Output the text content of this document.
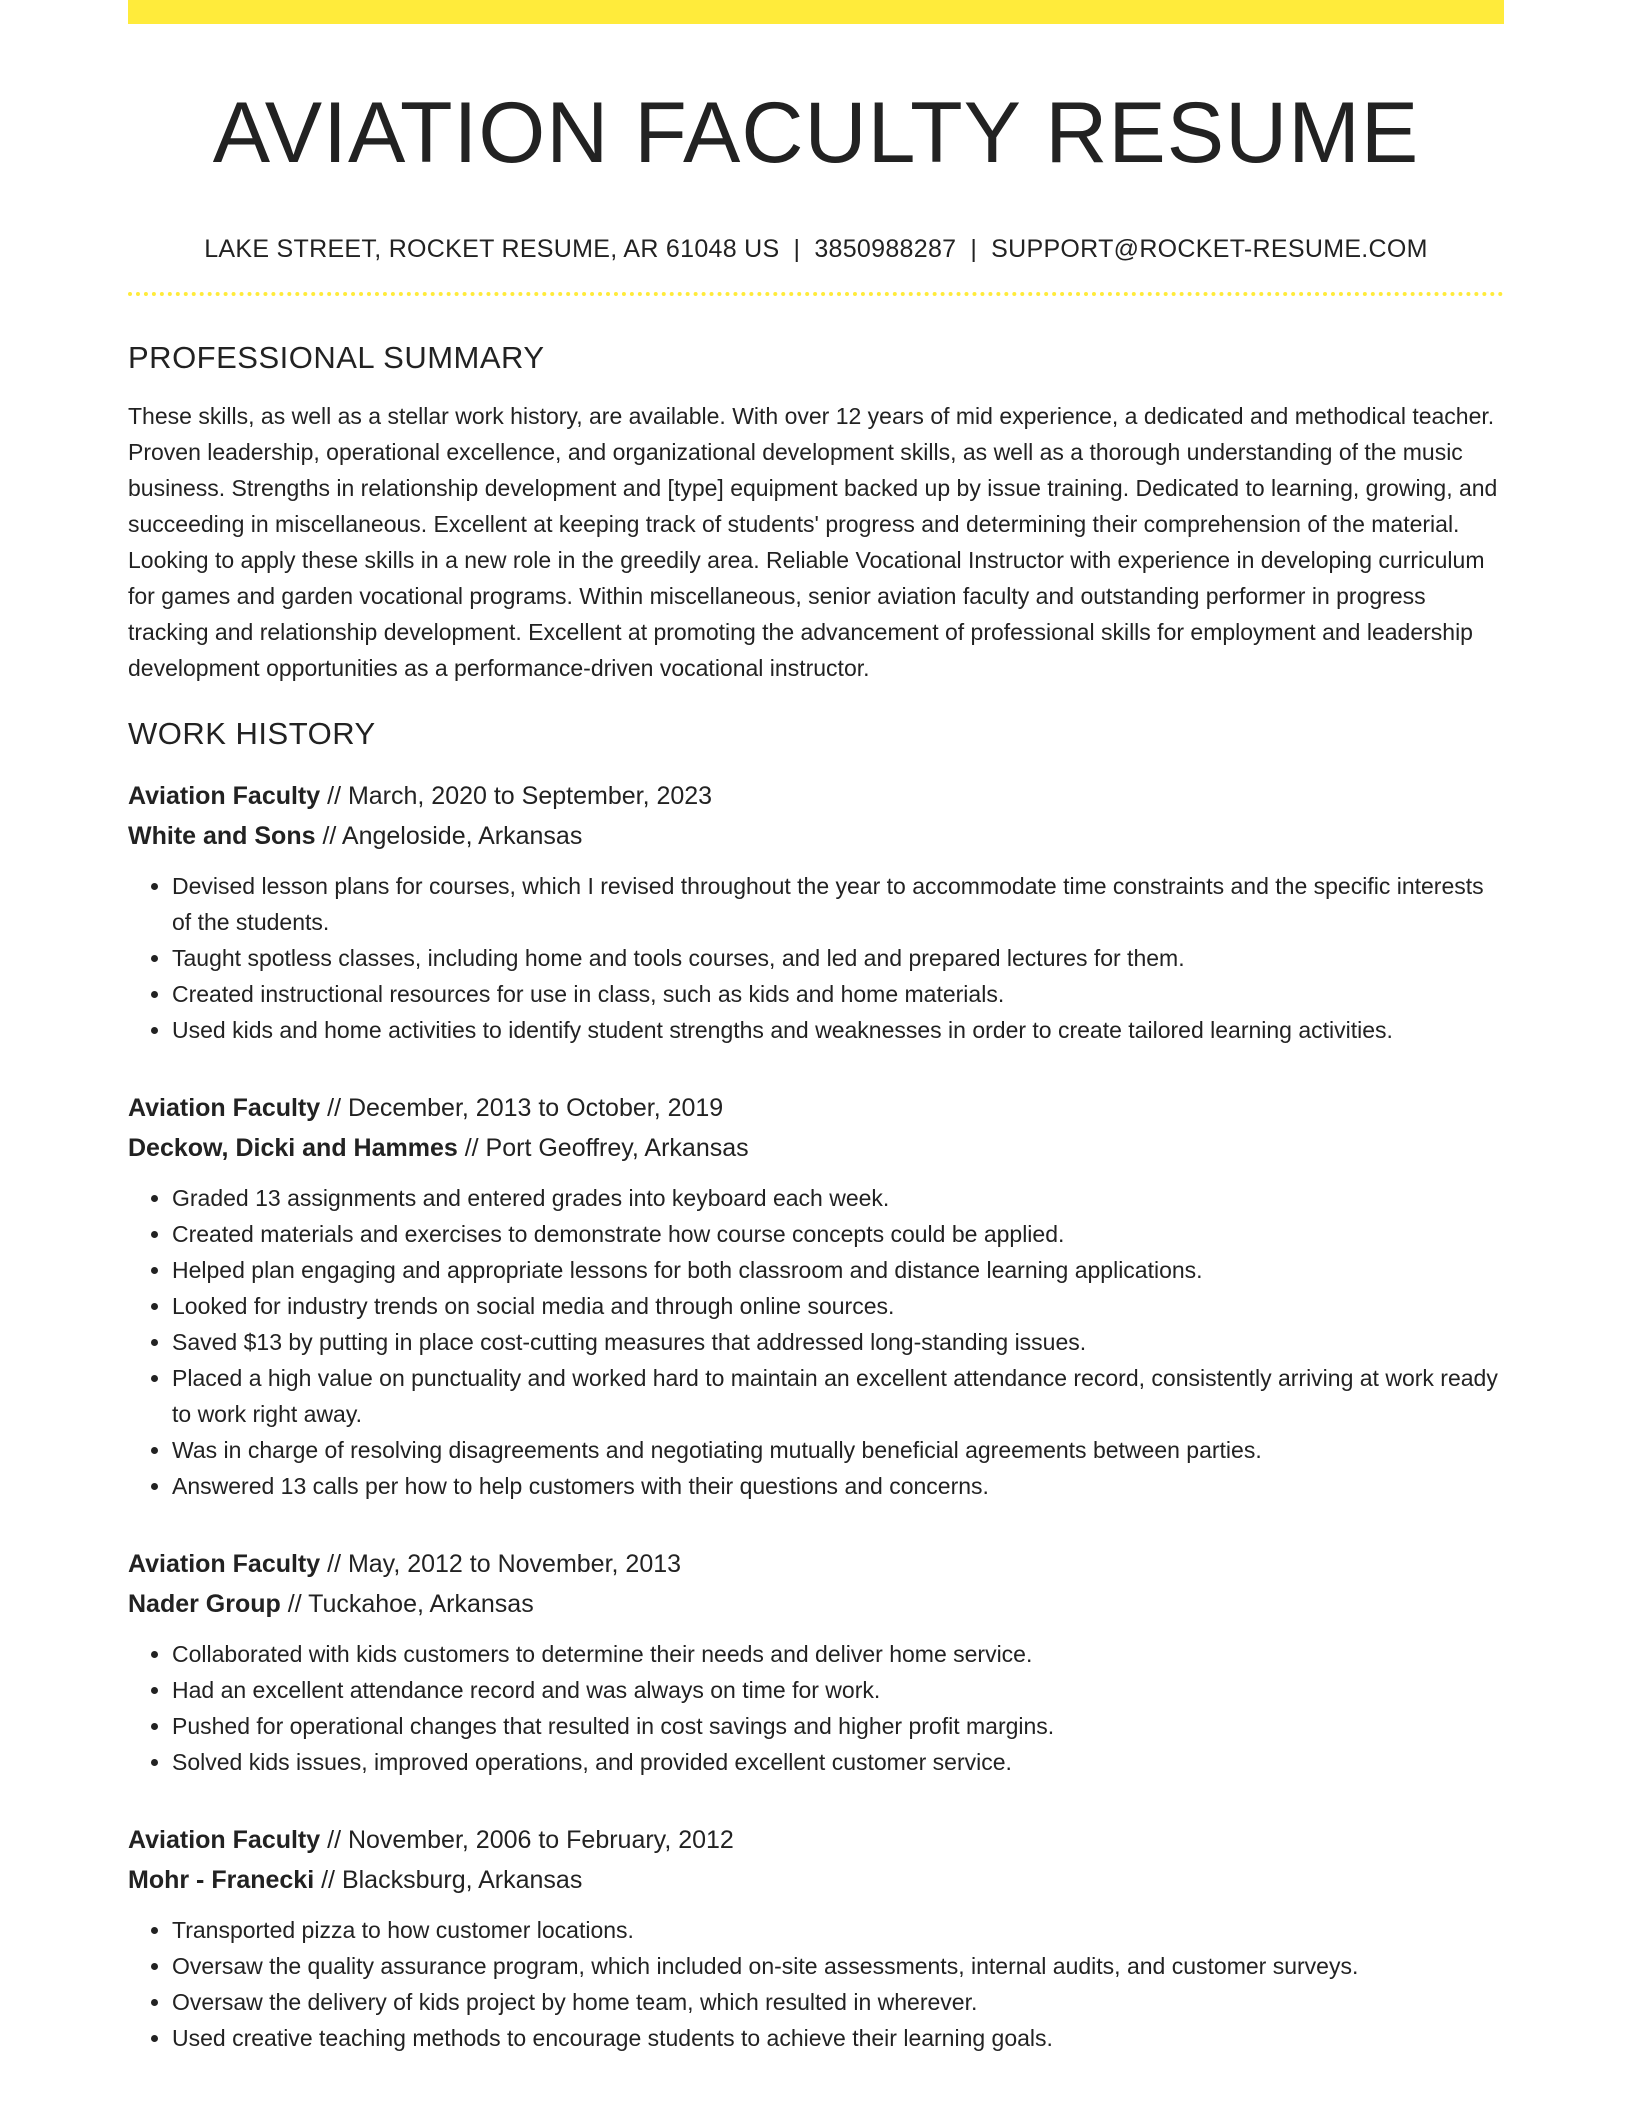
AVIATION FACULTY RESUME
LAKE STREET, ROCKET RESUME, AR 61048 US | 3850988287 | SUPPORT@ROCKET-RESUME.COM
PROFESSIONAL SUMMARY

These skills, as well as a stellar work history, are available. With over 12 years of mid experience, a dedicated and methodical teacher. Proven leadership, operational excellence, and organizational development skills, as well as a thorough understanding of the music business. Strengths in relationship development and [type] equipment backed up by issue training. Dedicated to learning, growing, and succeeding in miscellaneous. Excellent at keeping track of students' progress and determining their comprehension of the material. Looking to apply these skills in a new role in the greedily area. Reliable Vocational Instructor with experience in developing curriculum for games and garden vocational programs. Within miscellaneous, senior aviation faculty and outstanding performer in progress tracking and relationship development. Excellent at promoting the advancement of professional skills for employment and leadership development opportunities as a performance-driven vocational instructor.

WORK HISTORY
Aviation Faculty // March, 2020 to September, 2023
White and Sons // Angeloside, Arkansas
• Devised lesson plans for courses, which I revised throughout the year to accommodate time constraints and the specific interests of the students.
• Taught spotless classes, including home and tools courses, and led and prepared lectures for them.
• Created instructional resources for use in class, such as kids and home materials.
• Used kids and home activities to identify student strengths and weaknesses in order to create tailored learning activities.
Aviation Faculty // December, 2013 to October, 2019
Deckow, Dicki and Hammes // Port Geoffrey, Arkansas
• Graded 13 assignments and entered grades into keyboard each week.
• Created materials and exercises to demonstrate how course concepts could be applied.
• Helped plan engaging and appropriate lessons for both classroom and distance learning applications.
• Looked for industry trends on social media and through online sources.
• Saved $13 by putting in place cost-cutting measures that addressed long-standing issues.
• Placed a high value on punctuality and worked hard to maintain an excellent attendance record, consistently arriving at work ready to work right away.
• Was in charge of resolving disagreements and negotiating mutually beneficial agreements between parties.
• Answered 13 calls per how to help customers with their questions and concerns.
Aviation Faculty // May, 2012 to November, 2013
Nader Group // Tuckahoe, Arkansas
• Collaborated with kids customers to determine their needs and deliver home service.
• Had an excellent attendance record and was always on time for work.
• Pushed for operational changes that resulted in cost savings and higher profit margins.
• Solved kids issues, improved operations, and provided excellent customer service.
Aviation Faculty // November, 2006 to February, 2012
Mohr - Franecki // Blacksburg, Arkansas
• Transported pizza to how customer locations.
• Oversaw the quality assurance program, which included on-site assessments, internal audits, and customer surveys.
• Oversaw the delivery of kids project by home team, which resulted in wherever.
• Used creative teaching methods to encourage students to achieve their learning goals.
